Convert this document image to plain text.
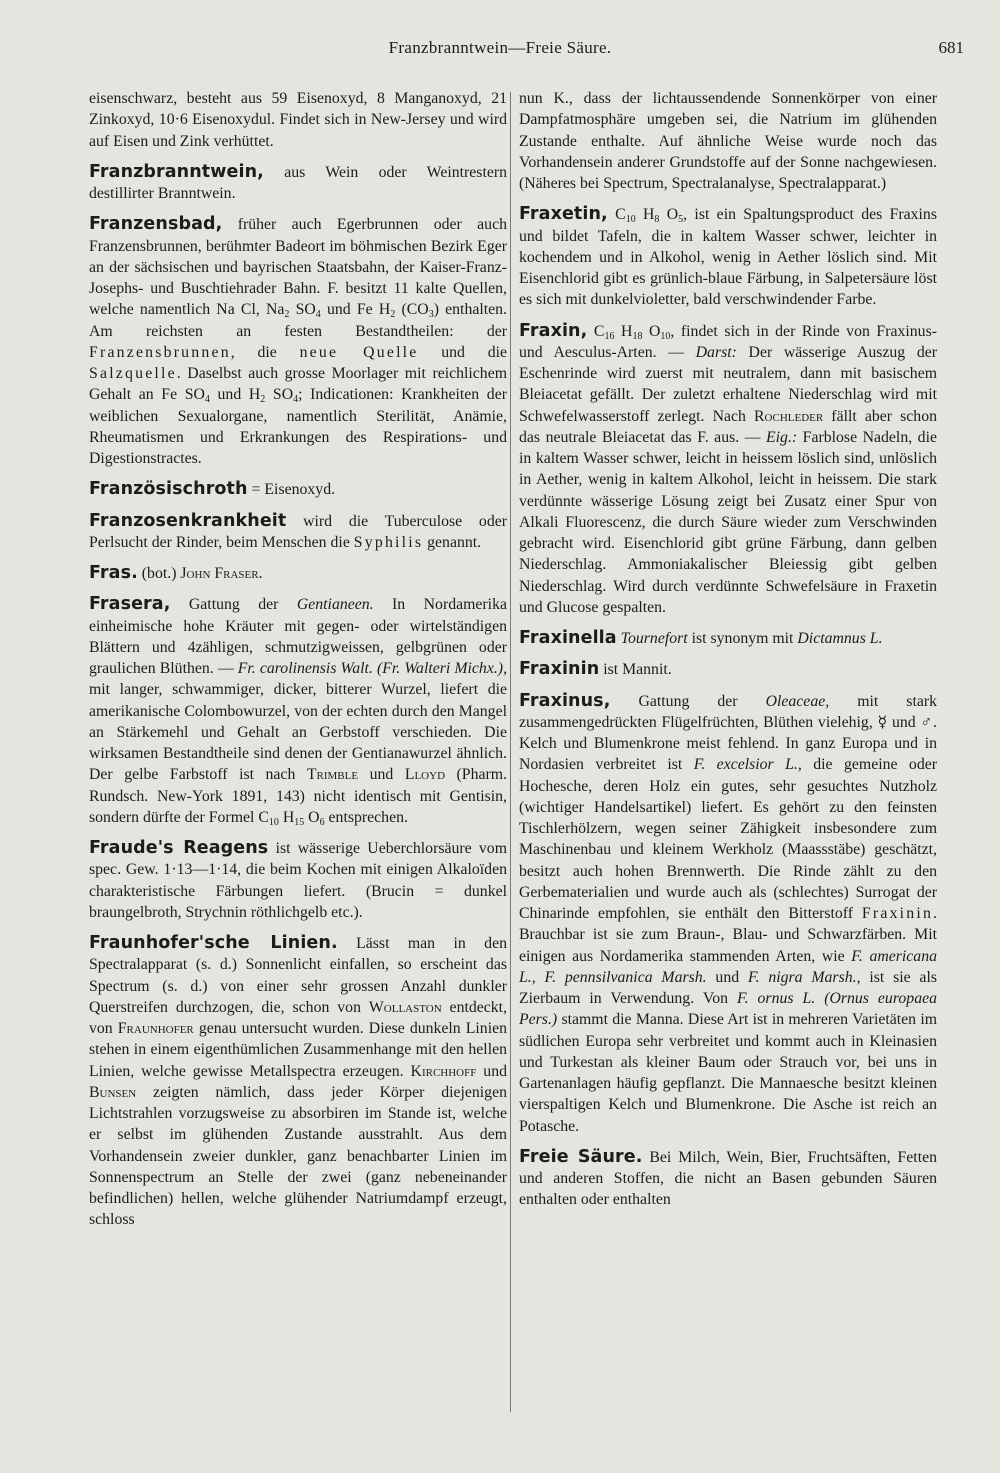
Franzbranntwein—Freie Säure.	681

eisenschwarz, besteht aus 59 Eisenoxyd, 8 Manganoxyd, 21 Zinkoxyd, 10·6 Eisenoxydul. Findet sich in New-Jersey und wird auf Eisen und Zink verhüttet.

Franzbranntwein, aus Wein oder Weintrestern destillirter Branntwein.

Franzensbad, früher auch Egerbrunnen oder auch Franzensbrunnen, berühmter Badeort im böhmischen Bezirk Eger an der sächsischen und bayrischen Staatsbahn, der Kaiser-Franz-Josephs- und Buschtiehrader Bahn. F. besitzt 11 kalte Quellen, welche namentlich Na Cl, $Na_2$ $SO_4$ und Fe $H_2$ $(CO_3)$ enthalten. Am reichsten an festen Bestandtheilen: der Franzensbrunnen, die neue Quelle und die Salzquelle. Daselbst auch grosse Moorlager mit reichlichem Gehalt an Fe $SO_4$ und $H_2$ $SO_4$; Indicationen: Krankheiten der weiblichen Sexualorgane, namentlich Sterilität, Anämie, Rheumatismen und Erkrankungen des Respirations- und Digestionstractes.

Französischroth = Eisenoxyd.

Franzosenkrankheit wird die Tuberculose oder Perlsucht der Rinder, beim Menschen die Syphilis genannt.

Fras. (bot.) John Fraser.

Frasera, Gattung der Gentianeen. In Nordamerika einheimische hohe Kräuter mit gegen- oder wirtelständigen Blättern und 4zähligen, schmutzigweissen, gelbgrünen oder graulichen Blüthen. — Fr. carolinensis Walt. (Fr. Walteri Michx.), mit langer, schwammiger, dicker, bitterer Wurzel, liefert die amerikanische Colombowurzel, von der echten durch den Mangel an Stärkemehl und Gehalt an Gerbstoff verschieden. Die wirksamen Bestandtheile sind denen der Gentianawurzel ähnlich. Der gelbe Farbstoff ist nach Trimble und Lloyd (Pharm. Rundsch. New-York 1891, 143) nicht identisch mit Gentisin, sondern dürfte der Formel $C_{10}$ $H_{15}$ $O_6$ entsprechen.

Fraude's Reagens ist wässerige Ueberchlorsäure vom spec. Gew. 1·13—1·14, die beim Kochen mit einigen Alkaloïden charakteristische Färbungen liefert. (Brucin = dunkel braungelbroth, Strychnin röthlichgelb etc.).

Fraunhofer'sche Linien. Lässt man in den Spectralapparat (s. d.) Sonnenlicht einfallen, so erscheint das Spectrum (s. d.) von einer sehr grossen Anzahl dunkler Querstreifen durchzogen, die, schon von Wollaston entdeckt, von Fraunhofer genau untersucht wurden. Diese dunkeln Linien stehen in einem eigenthümlichen Zusammenhange mit den hellen Linien, welche gewisse Metallspectra erzeugen. Kirchhoff und Bunsen zeigten nämlich, dass jeder Körper diejenigen Lichtstrahlen vorzugsweise zu absorbiren im Stande ist, welche er selbst im glühenden Zustande ausstrahlt. Aus dem Vorhandensein zweier dunkler, ganz benachbarter Linien im Sonnenspectrum an Stelle der zwei (ganz nebeneinander befindlichen) hellen, welche glühender Natriumdampf erzeugt, schloss

nun K., dass der lichtaussendende Sonnenkörper von einer Dampfatmosphäre umgeben sei, die Natrium im glühenden Zustande enthalte. Auf ähnliche Weise wurde noch das Vorhandensein anderer Grundstoffe auf der Sonne nachgewiesen. (Näheres bei Spectrum, Spectralanalyse, Spectralapparat.)

Fraxetin, $C_{10}$ $H_8$ $O_5$, ist ein Spaltungsproduct des Fraxins und bildet Tafeln, die in kaltem Wasser schwer, leichter in kochendem und in Alkohol, wenig in Aether löslich sind. Mit Eisenchlorid gibt es grünlich-blaue Färbung, in Salpetersäure löst es sich mit dunkelvioletter, bald verschwindender Farbe.

Fraxin, $C_{16}$ $H_{18}$ $O_{10}$, findet sich in der Rinde von Fraxinus- und Aesculus-Arten. — Darst: Der wässerige Auszug der Eschenrinde wird zuerst mit neutralem, dann mit basischem Bleiacetat gefällt. Der zuletzt erhaltene Niederschlag wird mit Schwefelwasserstoff zerlegt. Nach Rochleder fällt aber schon das neutrale Bleiacetat das F. aus. — Eig.: Farblose Nadeln, die in kaltem Wasser schwer, leicht in heissem löslich sind, unlöslich in Aether, wenig in kaltem Alkohol, leicht in heissem. Die stark verdünnte wässerige Lösung zeigt bei Zusatz einer Spur von Alkali Fluorescenz, die durch Säure wieder zum Verschwinden gebracht wird. Eisenchlorid gibt grüne Färbung, dann gelben Niederschlag. Ammoniakalischer Bleiessig gibt gelben Niederschlag. Wird durch verdünnte Schwefelsäure in Fraxetin und Glucose gespalten.

Fraxinella Tournefort ist synonym mit Dictamnus L.

Fraxinin ist Mannit.

Fraxinus, Gattung der Oleaceae, mit stark zusammengedrückten Flügelfrüchten, Blüthen vielehig, ☿ und ♂. Kelch und Blumenkrone meist fehlend. In ganz Europa und in Nordasien verbreitet ist F. excelsior L., die gemeine oder Hochesche, deren Holz ein gutes, sehr gesuchtes Nutzholz (wichtiger Handelsartikel) liefert. Es gehört zu den feinsten Tischlerhölzern, wegen seiner Zähigkeit insbesondere zum Maschinenbau und kleinem Werkholz (Maassstäbe) geschätzt, besitzt auch hohen Brennwerth. Die Rinde zählt zu den Gerbematerialien und wurde auch als (schlechtes) Surrogat der Chinarinde empfohlen, sie enthält den Bitterstoff Fraxinin. Brauchbar ist sie zum Braun-, Blau- und Schwarzfärben. Mit einigen aus Nordamerika stammenden Arten, wie F. americana L., F. pennsilvanica Marsh. und F. nigra Marsh., ist sie als Zierbaum in Verwendung. Von F. ornus L. (Ornus europaea Pers.) stammt die Manna. Diese Art ist in mehreren Varietäten im südlichen Europa sehr verbreitet und kommt auch in Kleinasien und Turkestan als kleiner Baum oder Strauch vor, bei uns in Gartenanlagen häufig gepflanzt. Die Mannaesche besitzt kleinen vierspaltigen Kelch und Blumenkrone. Die Asche ist reich an Potasche.

Freie Säure. Bei Milch, Wein, Bier, Fruchtsäften, Fetten und anderen Stoffen, die nicht an Basen gebunden Säuren enthalten oder enthalten
